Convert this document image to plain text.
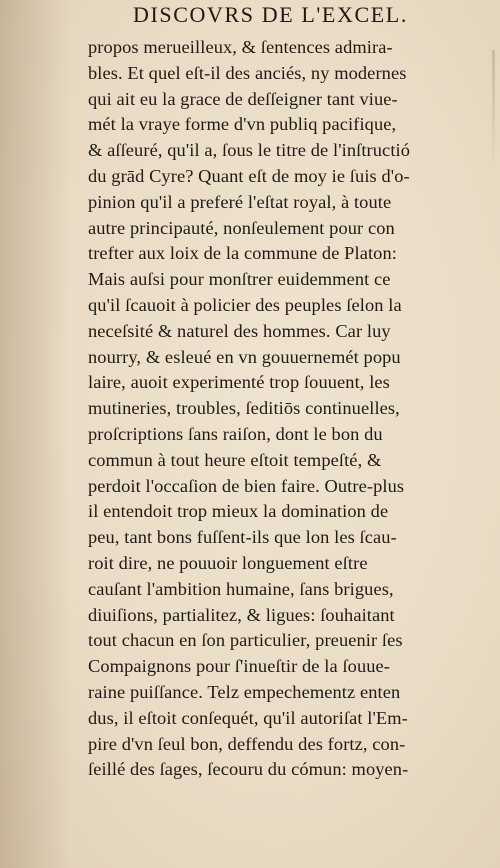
DISCOVRS DE L'EXCEL.
propos merueilleux, & ſentences admira-
bles. Et quel eſt-il des anciés, ny modernes
qui ait eu la grace de deſſeigner tant viue-
mét la vraye forme d'vn publiq pacifique,
& aſſeuré, qu'il a, ſous le titre de l'inſtructió
du grād Cyre? Quant eſt de moy ie ſuis d'o-
pinion qu'il a preferé l'eſtat royal, à toute
autre principauté, nonſeulement pour con
trefter aux loix de la commune de Platon:
Mais auſsi pour monſtrer euidemment ce
qu'il ſcauoit à policier des peuples ſelon la
neceſsité & naturel des hommes. Car luy
nourry, & esleué en vn gouuernemét popu
laire, auoit experimenté trop ſouuent, les
mutineries, troubles, ſeditiōs continuelles,
proſcriptions ſans raiſon, dont le bon du
commun à tout heure eſtoit tempeſté, &
perdoit l'occaſion de bien faire. Outre-plus
il entendoit trop mieux la domination de
peu, tant bons fuſſent-ils que lon les ſcau-
roit dire, ne pouuoir longuement eſtre
cauſant l'ambition humaine, ſans brigues,
diuiſions, partialitez, & ligues: ſouhaitant
tout chacun en ſon particulier, preuenir ſes
Compaignons pour ſ'inueſtir de la ſouue-
raine puiſſance. Telz empechementz enten
dus, il eſtoit conſequét, qu'il autoriſat l'Em-
pire d'vn ſeul bon, deffendu des fortz, con-
ſeillé des ſages, ſecouru du cómun: moyen-
